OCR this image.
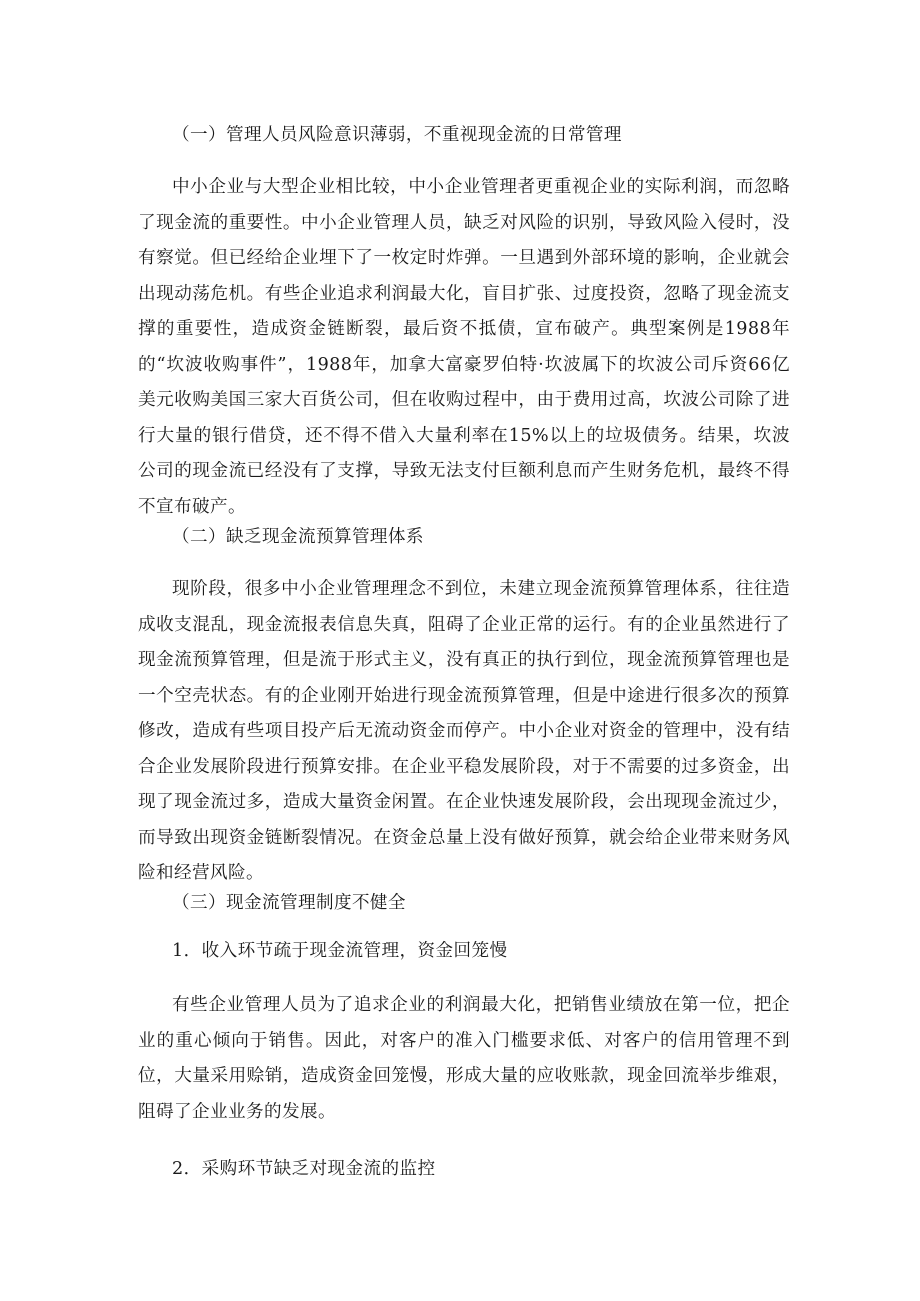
（一）管理人员风险意识薄弱，不重视现金流的日常管理

中小企业与大型企业相比较，中小企业管理者更重视企业的实际利润，而忽略了现金流的重要性。中小企业管理人员，缺乏对风险的识别，导致风险入侵时，没有察觉。但已经给企业埋下了一枚定时炸弹。一旦遇到外部环境的影响，企业就会出现动荡危机。有些企业追求利润最大化，盲目扩张、过度投资，忽略了现金流支撑的重要性，造成资金链断裂，最后资不抵债，宣布破产。典型案例是1988年的“坎波收购事件”，1988年，加拿大富豪罗伯特·坎波属下的坎波公司斥资66亿美元收购美国三家大百货公司，但在收购过程中，由于费用过高，坎波公司除了进行大量的银行借贷，还不得不借入大量利率在15%以上的垃圾债务。结果，坎波公司的现金流已经没有了支撑，导致无法支付巨额利息而产生财务危机，最终不得不宣布破产。

（二）缺乏现金流预算管理体系

现阶段，很多中小企业管理理念不到位，未建立现金流预算管理体系，往往造成收支混乱，现金流报表信息失真，阻碍了企业正常的运行。有的企业虽然进行了现金流预算管理，但是流于形式主义，没有真正的执行到位，现金流预算管理也是一个空壳状态。有的企业刚开始进行现金流预算管理，但是中途进行很多次的预算修改，造成有些项目投产后无流动资金而停产。中小企业对资金的管理中，没有结合企业发展阶段进行预算安排。在企业平稳发展阶段，对于不需要的过多资金，出现了现金流过多，造成大量资金闲置。在企业快速发展阶段，会出现现金流过少，而导致出现资金链断裂情况。在资金总量上没有做好预算，就会给企业带来财务风险和经营风险。

（三）现金流管理制度不健全
1．收入环节疏于现金流管理，资金回笼慢

有些企业管理人员为了追求企业的利润最大化，把销售业绩放在第一位，把企业的重心倾向于销售。因此，对客户的准入门槛要求低、对客户的信用管理不到位，大量采用赊销，造成资金回笼慢，形成大量的应收账款，现金回流举步维艰，阻碍了企业业务的发展。

2．采购环节缺乏对现金流的监控
